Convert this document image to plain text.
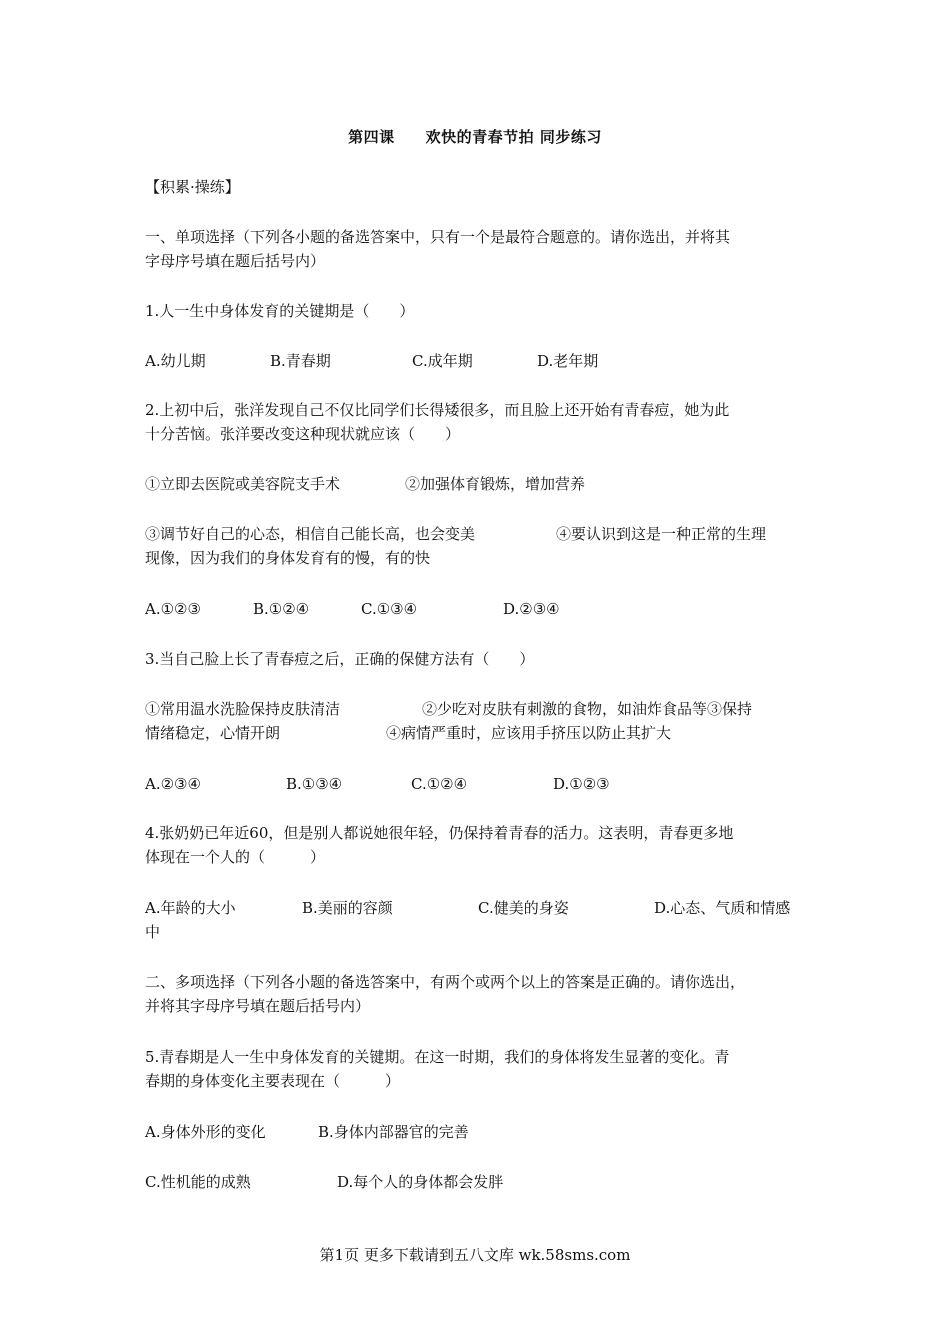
第四课　　欢快的青春节拍 同步练习
【积累·操练】
一、单项选择（下列各小题的备选答案中，只有一个是最符合题意的。请你选出，并将其
字母序号填在题后括号内）
1.人一生中身体发育的关键期是（　　）
A.幼儿期	B.青春期	C.成年期	D.老年期
2.上初中后，张洋发现自己不仅比同学们长得矮很多，而且脸上还开始有青春痘，她为此
十分苦恼。张洋要改变这种现状就应该（　　）
①立即去医院或美容院支手术	②加强体育锻炼，增加营养
③调节好自己的心态，相信自己能长高，也会变美	④要认识到这是一种正常的生理
现像，因为我们的身体发育有的慢，有的快
A.①②③	B.①②④	C.①③④	D.②③④
3.当自己脸上长了青春痘之后，正确的保健方法有（　　）
①常用温水洗脸保持皮肤清洁	②少吃对皮肤有刺激的食物，如油炸食品等③保持
情绪稳定，心情开朗	④病情严重时，应该用手挤压以防止其扩大
A.②③④	B.①③④	C.①②④	D.①②③
4.张奶奶已年近60，但是别人都说她很年轻，仍保持着青春的活力。这表明，青春更多地
体现在一个人的（　　　）
A.年龄的大小	B.美丽的容颜	C.健美的身姿	D.心态、气质和情感
中
二、多项选择（下列各小题的备选答案中，有两个或两个以上的答案是正确的。请你选出，
并将其字母序号填在题后括号内）
5.青春期是人一生中身体发育的关键期。在这一时期，我们的身体将发生显著的变化。青
春期的身体变化主要表现在（　　　）
A.身体外形的变化	B.身体内部器官的完善
C.性机能的成熟	D.每个人的身体都会发胖
第1页 更多下载请到五八文库 wk.58sms.com
